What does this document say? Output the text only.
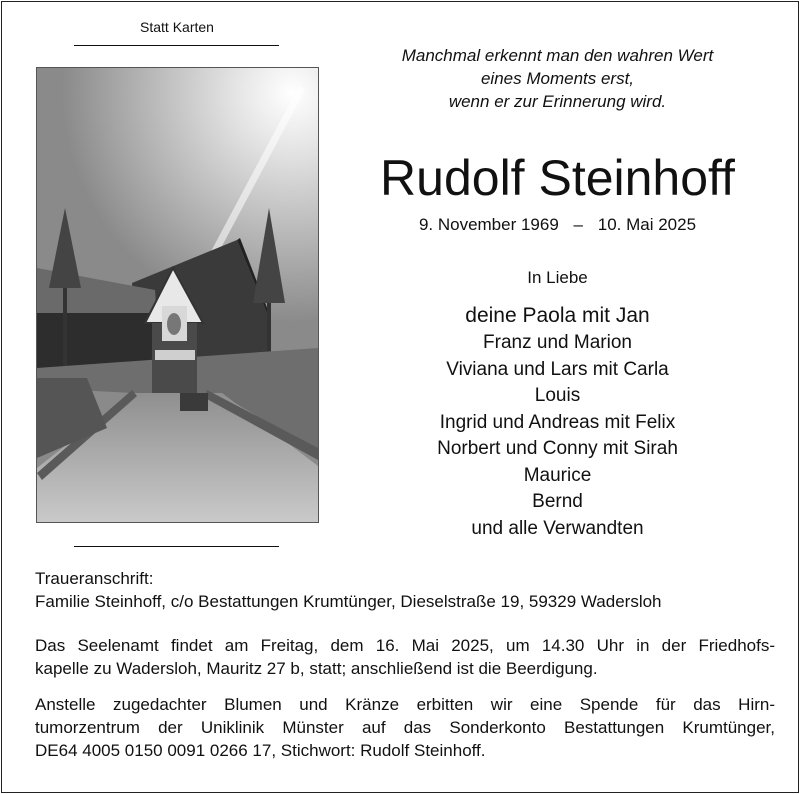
Statt Karten
Manchmal erkennt man den wahren Wert
eines Moments erst,
wenn er zur Erinnerung wird.
Rudolf Steinhoff
9. November 1969 – 10. Mai 2025
In Liebe
deine Paola mit Jan
Franz und Marion
Viviana und Lars mit Carla
Louis
Ingrid und Andreas mit Felix
Norbert und Conny mit Sirah
Maurice
Bernd
und alle Verwandten
Traueranschrift:
Familie Steinhoff, c/o Bestattungen Krumtünger, Dieselstraße 19, 59329 Wadersloh
Das Seelenamt findet am Freitag, dem 16. Mai 2025, um 14.30 Uhr in der Friedhofs-
kapelle zu Wadersloh, Mauritz 27 b, statt; anschließend ist die Beerdigung.
Anstelle zugedachter Blumen und Kränze erbitten wir eine Spende für das Hirn-
tumorzentrum der Uniklinik Münster auf das Sonderkonto Bestattungen Krumtünger,
DE64 4005 0150 0091 0266 17, Stichwort: Rudolf Steinhoff.
